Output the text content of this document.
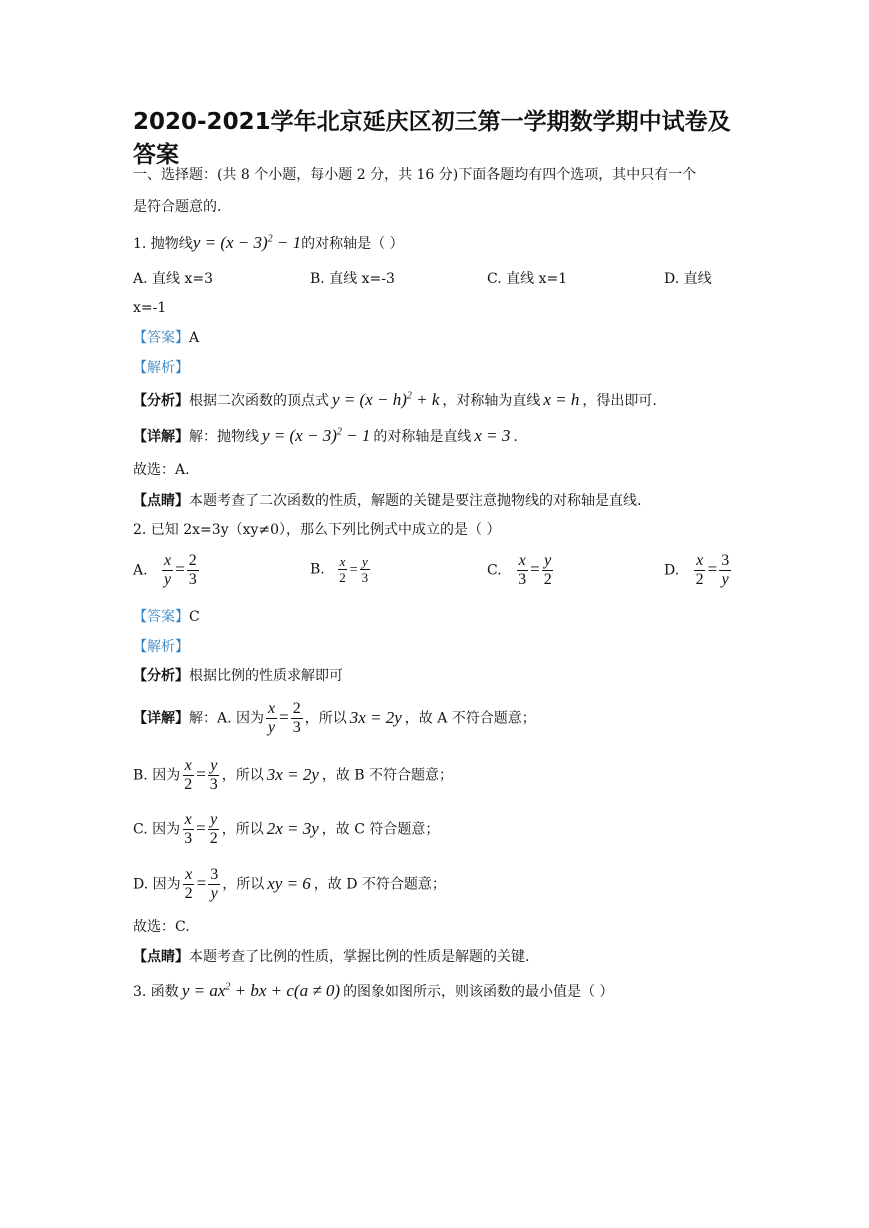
2020-2021学年北京延庆区初三第一学期数学期中试卷及答案
一、选择题：(共 8 个小题，每小题 2 分，共 16 分)下面各题均有四个选项，其中只有一个
是符合题意的.
1. 抛物线$y = (x - 3)^2 - 1$的对称轴是（ ）
A. 直线 x=3	B. 直线 x=-3	C. 直线 x=1	D. 直线
x=-1
【答案】A
【解析】
【分析】根据二次函数的顶点式 $y = (x - h)^2 + k$ ，对称轴为直线 x = h ，得出即可.
【详解】解：抛物线 $y = (x - 3)^2 - 1$ 的对称轴是直线 x = 3 .
故选：A.
【点睛】本题考查了二次函数的性质，解题的关键是要注意抛物线的对称轴是直线.
2. 已知 2x=3y（xy≠0），那么下列比例式中成立的是（ ）
A. $\frac{x}{y} = \frac{2}{3}$	B. $\frac{x}{2} = \frac{y}{3}$	C. $\frac{x}{3} = \frac{y}{2}$	D. $\frac{x}{2} = \frac{3}{y}$
【答案】C
【解析】
【分析】根据比例的性质求解即可
【详解】解：A. 因为 $\frac{x}{y} = \frac{2}{3}$ ，所以 3x = 2y ，故 A 不符合题意；
B. 因为 $\frac{x}{2} = \frac{y}{3}$ ，所以 3x = 2y ，故 B 不符合题意；
C. 因为 $\frac{x}{3} = \frac{y}{2}$ ，所以 2x = 3y ，故 C 符合题意；
D. 因为 $\frac{x}{2} = \frac{3}{y}$ ，所以 xy = 6 ，故 D 不符合题意；
故选：C.
【点睛】本题考查了比例的性质，掌握比例的性质是解题的关键.
3. 函数 $y = ax^2$ + bx + c(a ≠ 0) 的图象如图所示，则该函数的最小值是（ ）
